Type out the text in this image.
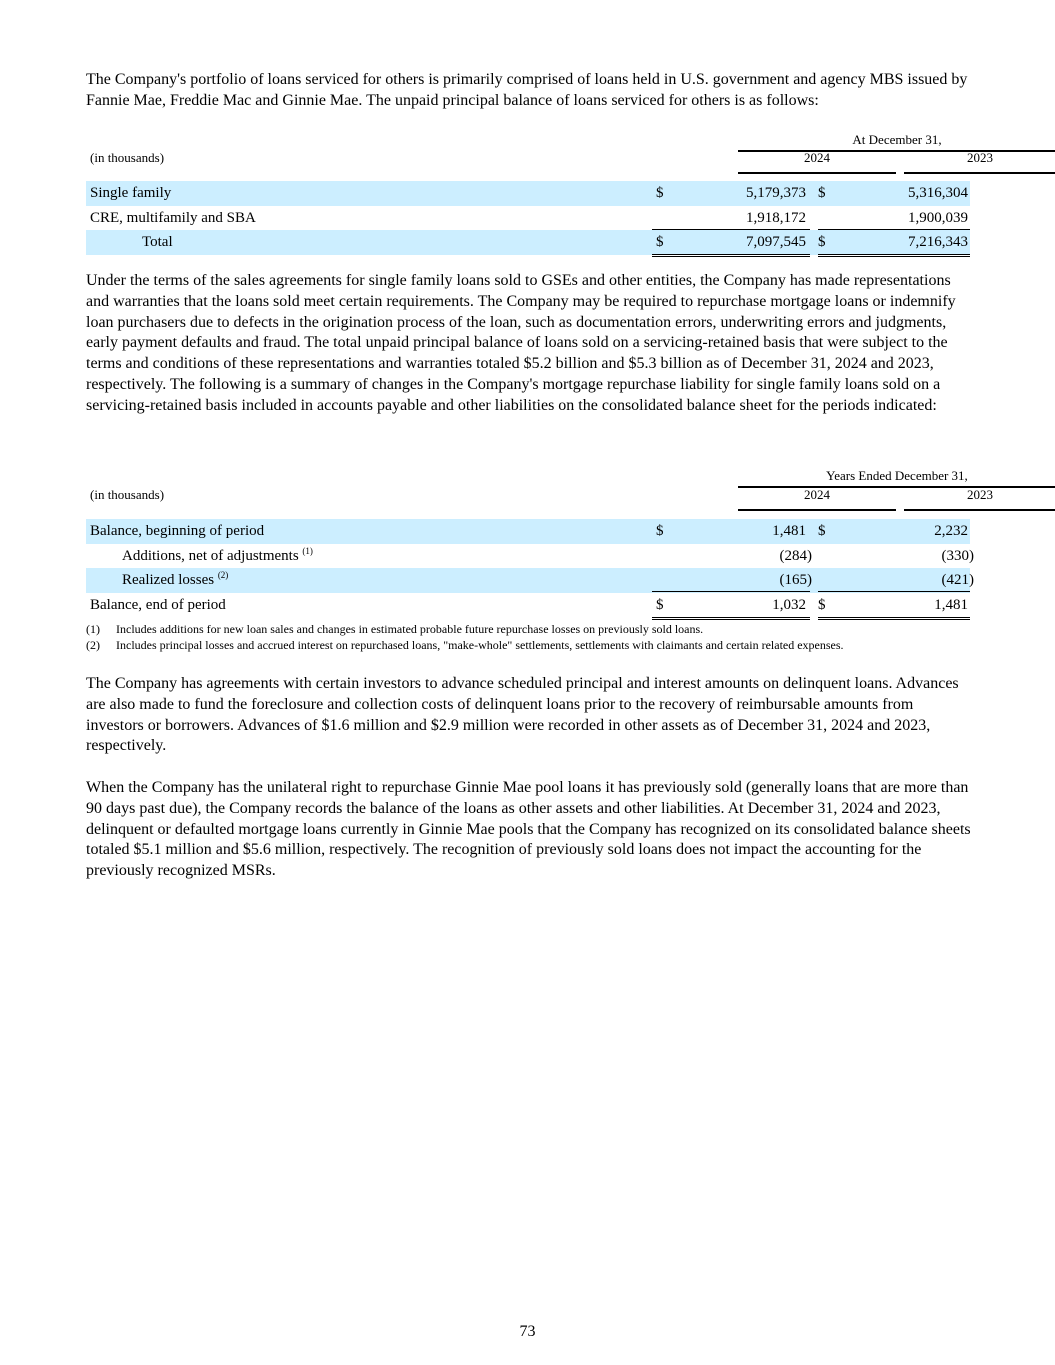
The Company's portfolio of loans serviced for others is primarily comprised of loans held in U.S. government and agency MBS issued by Fannie Mae, Freddie Mac and Ginnie Mae. The unpaid principal balance of loans serviced for others is as follows:

At December 31,
(in thousands)	2024	2023
Single family	$	5,179,373 $	5,316,304
CRE, multifamily and SBA	1,918,172	1,900,039
Total	$	7,097,545 $	7,216,343

Under the terms of the sales agreements for single family loans sold to GSEs and other entities, the Company has made representations and warranties that the loans sold meet certain requirements. The Company may be required to repurchase mortgage loans or indemnify loan purchasers due to defects in the origination process of the loan, such as documentation errors, underwriting errors and judgments, early payment defaults and fraud. The total unpaid principal balance of loans sold on a servicing-retained basis that were subject to the terms and conditions of these representations and warranties totaled $5.2 billion and $5.3 billion as of December 31, 2024 and 2023, respectively. The following is a summary of changes in the Company's mortgage repurchase liability for single family loans sold on a servicing-retained basis included in accounts payable and other liabilities on the consolidated balance sheet for the periods indicated:

Years Ended December 31,
(in thousands)	2024	2023
Balance, beginning of period	$	1,481 $	2,232
Additions, net of adjustments $^{(1)}$	(284)	(330)
Realized losses $^{(2)}$	(165)	(421)
Balance, end of period	$	1,032 $	1,481
(1) Includes additions for new loan sales and changes in estimated probable future repurchase losses on previously sold loans.
(2) Includes principal losses and accrued interest on repurchased loans, "make-whole" settlements, settlements with claimants and certain related expenses.

The Company has agreements with certain investors to advance scheduled principal and interest amounts on delinquent loans. Advances are also made to fund the foreclosure and collection costs of delinquent loans prior to the recovery of reimbursable amounts from investors or borrowers. Advances of $1.6 million and $2.9 million were recorded in other assets as of December 31, 2024 and 2023, respectively.

When the Company has the unilateral right to repurchase Ginnie Mae pool loans it has previously sold (generally loans that are more than 90 days past due), the Company records the balance of the loans as other assets and other liabilities. At December 31, 2024 and 2023, delinquent or defaulted mortgage loans currently in Ginnie Mae pools that the Company has recognized on its consolidated balance sheets totaled $5.1 million and $5.6 million, respectively. The recognition of previously sold loans does not impact the accounting for the previously recognized MSRs.

73
